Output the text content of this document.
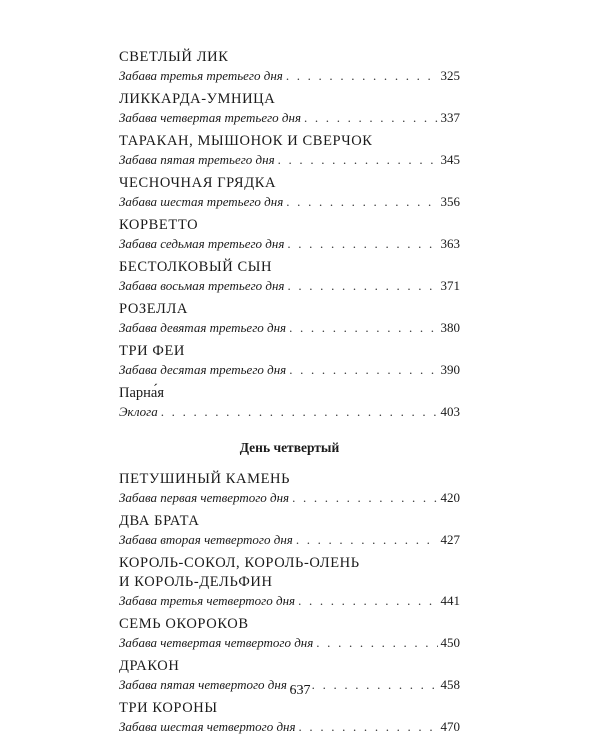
СВЕТЛЫЙ ЛИК
Забава третья третьего дня . . .	325
ЛИККАРДА-УМНИЦА
Забава четвертая третьего дня . . .	337
ТАРАКАН, МЫШОНОК И СВЕРЧОК
Забава пятая третьего дня . . .	345
ЧЕСНОЧНАЯ ГРЯДКА
Забава шестая третьего дня . . .	356
КОРВЕТТО
Забава седьмая третьего дня . . .	363
БЕСТОЛКОВЫЙ СЫН
Забава восьмая третьего дня . . .	371
РОЗЕЛЛА
Забава девятая третьего дня . . .	380
ТРИ ФЕИ
Забава десятая третьего дня . . .	390
Парна́я
Эклога . . .	403
День четвертый
ПЕТУШИНЫЙ КАМЕНЬ
Забава первая четвертого дня . . .	420
ДВА БРАТА
Забава вторая четвертого дня . . .	427
КОРОЛЬ-СОКОЛ, КОРОЛЬ-ОЛЕНЬ
И КОРОЛЬ-ДЕЛЬФИН
Забава третья четвертого дня . . .	441
СЕМЬ ОКОРОКОВ
Забава четвертая четвертого дня . . .	450
ДРАКОН
Забава пятая четвертого дня . . .	458
ТРИ КОРОНЫ
Забава шестая четвертого дня . . .	470
637
